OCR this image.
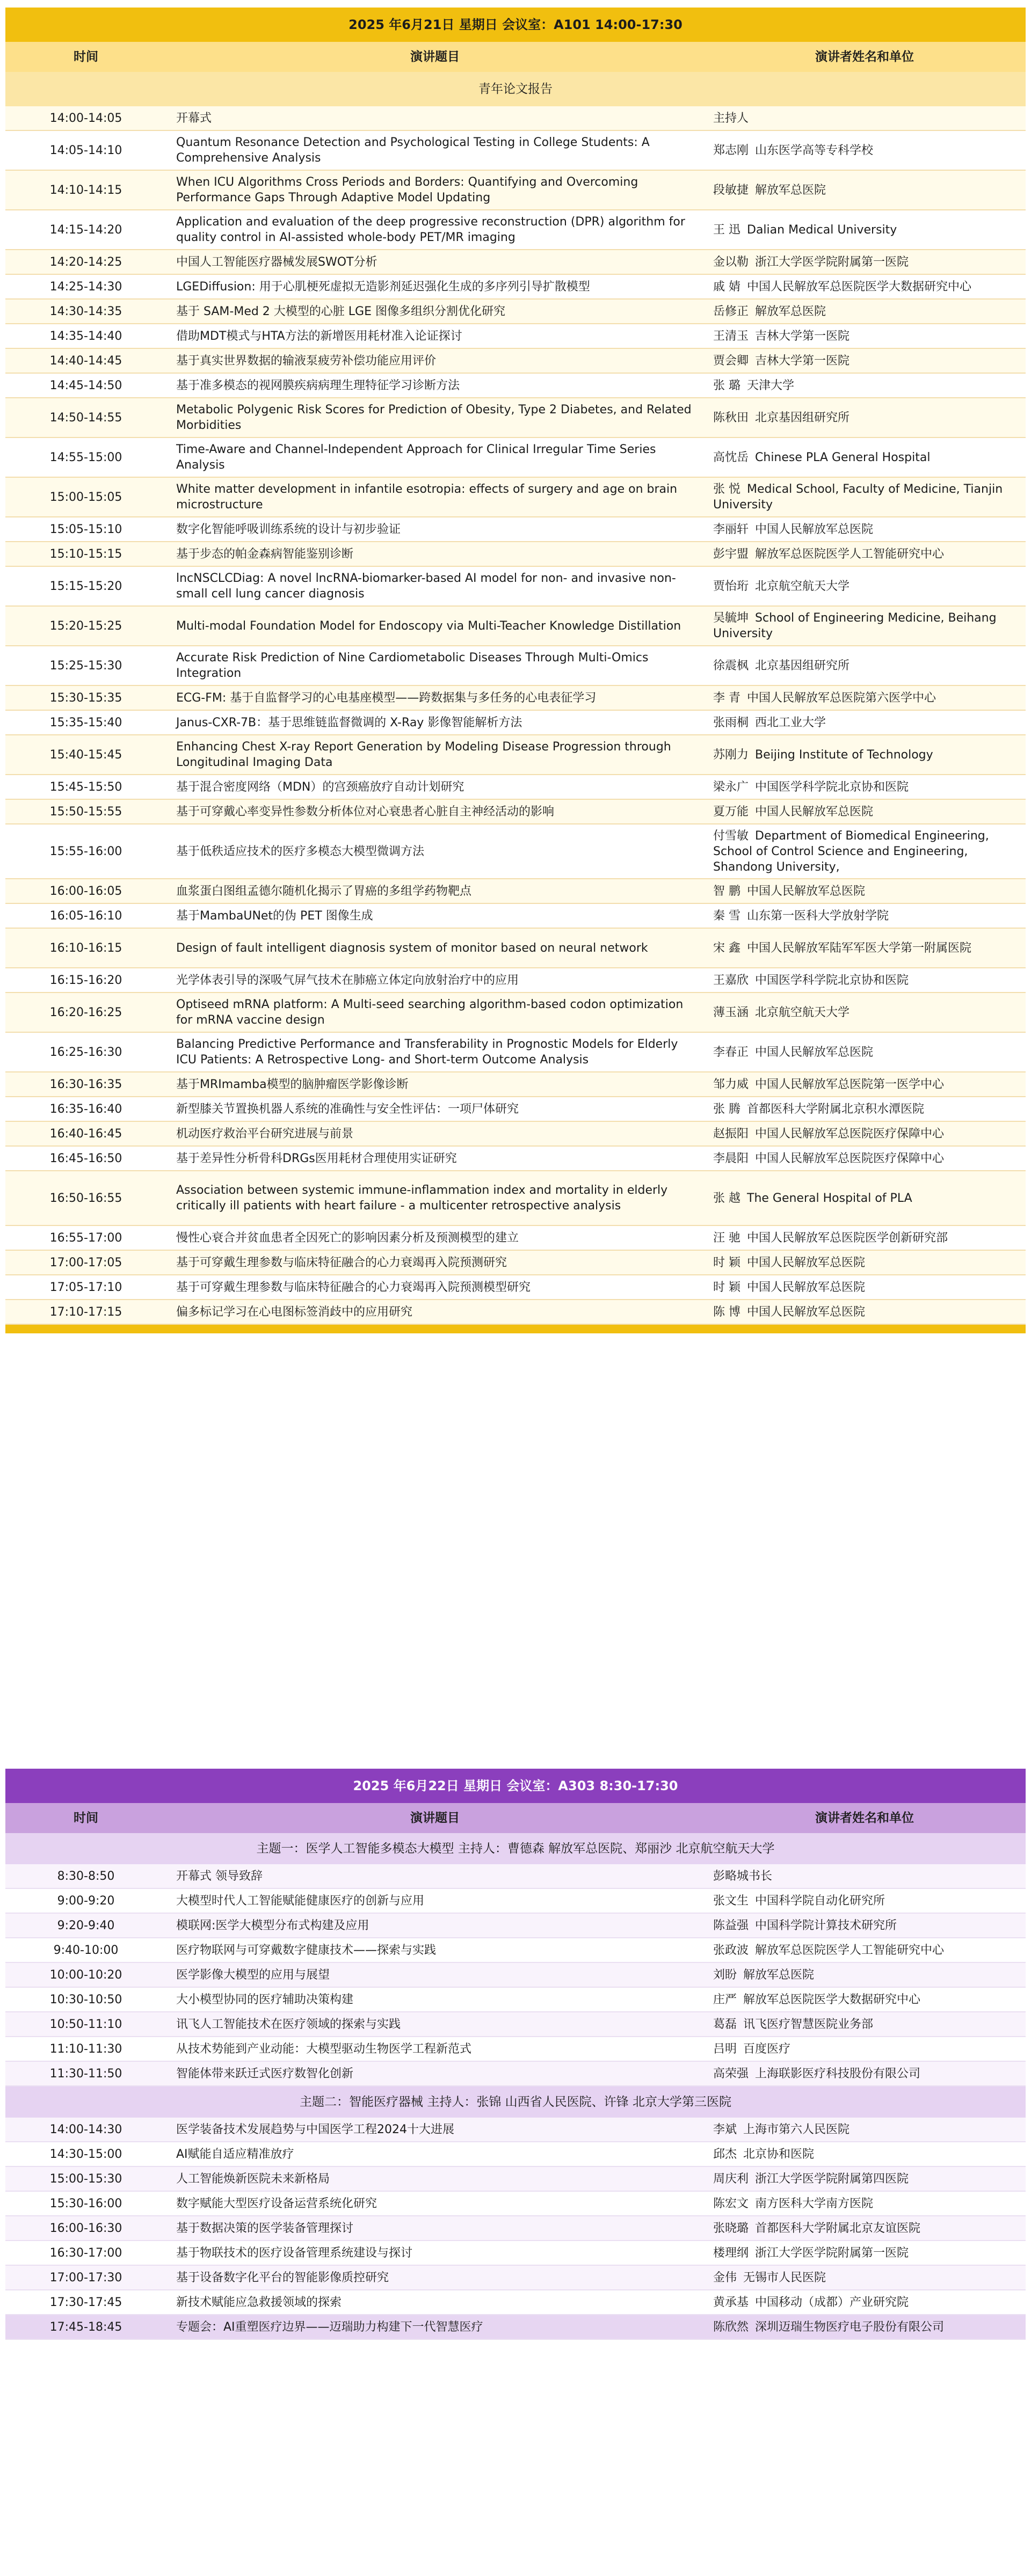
2025 年6月21日 星期日 会议室：A101 14:00-17:30		
时间	演讲题目	演讲者姓名和单位
青年论文报告		
14:00-14:05	开幕式	主持人
14:05-14:10	Quantum Resonance Detection and Psychological Testing in College Students: A Comprehensive Analysis	郑志刚 山东医学高等专科学校
14:10-14:15	When ICU Algorithms Cross Periods and Borders: Quantifying and Overcoming Performance Gaps Through Adaptive Model Updating	段敏捷 解放军总医院
14:15-14:20	Application and evaluation of the deep progressive reconstruction (DPR) algorithm for quality control in AI-assisted whole-body PET/MR imaging	王 迅 Dalian Medical University
14:20-14:25	中国人工智能医疗器械发展SWOT分析	金以勒 浙江大学医学院附属第一医院
14:25-14:30	LGEDiffusion: 用于心肌梗死虚拟无造影剂延迟强化生成的多序列引导扩散模型	戚 婧 中国人民解放军总医院医学大数据研究中心
14:30-14:35	基于 SAM-Med 2 大模型的心脏 LGE 图像多组织分割优化研究	岳修正 解放军总医院
14:35-14:40	借助MDT模式与HTA方法的新增医用耗材准入论证探讨	王清玉 吉林大学第一医院
14:40-14:45	基于真实世界数据的输液泵疲劳补偿功能应用评价	贾会卿 吉林大学第一医院
14:45-14:50	基于准多模态的视网膜疾病病理生理特征学习诊断方法	张 璐 天津大学
14:50-14:55	Metabolic Polygenic Risk Scores for Prediction of Obesity, Type 2 Diabetes, and Related Morbidities	陈秋田 北京基因组研究所
14:55-15:00	Time-Aware and Channel-Independent Approach for Clinical Irregular Time Series Analysis	高忱岳 Chinese PLA General Hospital
15:00-15:05	White matter development in infantile esotropia: effects of surgery and age on brain microstructure	张 悦 Medical School, Faculty of Medicine, Tianjin University
15:05-15:10	数字化智能呼吸训练系统的设计与初步验证	李丽轩 中国人民解放军总医院
15:10-15:15	基于步态的帕金森病智能鉴别诊断	彭宇盟 解放军总医院医学人工智能研究中心
15:15-15:20	lncNSCLCDiag: A novel lncRNA-biomarker-based AI model for non- and invasive non-small cell lung cancer diagnosis	贾怡珩 北京航空航天大学
15:20-15:25	Multi-modal Foundation Model for Endoscopy via Multi-Teacher Knowledge Distillation	吴毓坤 School of Engineering Medicine, Beihang University
15:25-15:30	Accurate Risk Prediction of Nine Cardiometabolic Diseases Through Multi-Omics Integration	徐震枫 北京基因组研究所
15:30-15:35	ECG-FM: 基于自监督学习的心电基座模型——跨数据集与多任务的心电表征学习	李 青 中国人民解放军总医院第六医学中心
15:35-15:40	Janus-CXR-7B：基于思维链监督微调的 X-Ray 影像智能解析方法	张雨桐 西北工业大学
15:40-15:45	Enhancing Chest X-ray Report Generation by Modeling Disease Progression through Longitudinal Imaging Data	苏刚力 Beijing Institute of Technology
15:45-15:50	基于混合密度网络（MDN）的宫颈癌放疗自动计划研究	梁永广 中国医学科学院北京协和医院
15:50-15:55	基于可穿戴心率变异性参数分析体位对心衰患者心脏自主神经活动的影响	夏万能 中国人民解放军总医院
15:55-16:00	基于低秩适应技术的医疗多模态大模型微调方法	付雪敏 Department of Biomedical Engineering, School of Control Science and Engineering, Shandong University,
16:00-16:05	血浆蛋白图组孟德尔随机化揭示了胃癌的多组学药物靶点	智 鹏 中国人民解放军总医院
16:05-16:10	基于MambaUNet的伪 PET 图像生成	秦 雪 山东第一医科大学放射学院
16:10-16:15	Design of fault intelligent diagnosis system of monitor based on neural network	宋 鑫 中国人民解放军陆军军医大学第一附属医院
16:15-16:20	光学体表引导的深吸气屏气技术在肺癌立体定向放射治疗中的应用	王嘉欣 中国医学科学院北京协和医院
16:20-16:25	Optiseed mRNA platform: A Multi-seed searching algorithm-based codon optimization for mRNA vaccine design	薄玉涵 北京航空航天大学
16:25-16:30	Balancing Predictive Performance and Transferability in Prognostic Models for Elderly ICU Patients: A Retrospective Long- and Short-term Outcome Analysis	李春正 中国人民解放军总医院
16:30-16:35	基于MRImamba模型的脑肿瘤医学影像诊断	邹力威 中国人民解放军总医院第一医学中心
16:35-16:40	新型膝关节置换机器人系统的准确性与安全性评估：一项尸体研究	张 腾 首都医科大学附属北京积水潭医院
16:40-16:45	机动医疗救治平台研究进展与前景	赵振阳 中国人民解放军总医院医疗保障中心
16:45-16:50	基于差异性分析骨科DRGs医用耗材合理使用实证研究	李晨阳 中国人民解放军总医院医疗保障中心
16:50-16:55	Association between systemic immune-inflammation index and mortality in elderly critically ill patients with heart failure - a multicenter retrospective analysis	张 越 The General Hospital of PLA
16:55-17:00	慢性心衰合并贫血患者全因死亡的影响因素分析及预测模型的建立	汪 驰 中国人民解放军总医院医学创新研究部
17:00-17:05	基于可穿戴生理参数与临床特征融合的心力衰竭再入院预测研究	时 颖 中国人民解放军总医院
17:05-17:10	基于可穿戴生理参数与临床特征融合的心力衰竭再入院预测模型研究	时 颖 中国人民解放军总医院
17:10-17:15	偏多标记学习在心电图标签消歧中的应用研究	陈 博 中国人民解放军总医院
2025 年6月22日 星期日 会议室：A303 8:30-17:30		
时间	演讲题目	演讲者姓名和单位
主题一：医学人工智能多模态大模型 主持人：曹德森 解放军总医院、郑丽沙 北京航空航天大学		
8:30-8:50	开幕式 领导致辞	彭略城书长
9:00-9:20	大模型时代人工智能赋能健康医疗的创新与应用	张文生 中国科学院自动化研究所
9:20-9:40	模联网:医学大模型分布式构建及应用	陈益强 中国科学院计算技术研究所
9:40-10:00	医疗物联网与可穿戴数字健康技术——探索与实践	张政波 解放军总医院医学人工智能研究中心
10:00-10:20	医学影像大模型的应用与展望	刘盼 解放军总医院
10:30-10:50	大小模型协同的医疗辅助决策构建	庄严 解放军总医院医学大数据研究中心
10:50-11:10	讯飞人工智能技术在医疗领域的探索与实践	葛磊 讯飞医疗智慧医院业务部
11:10-11:30	从技术势能到产业动能：大模型驱动生物医学工程新范式	吕明 百度医疗
11:30-11:50	智能体带来跃迁式医疗数智化创新	高荣强 上海联影医疗科技股份有限公司
主题二：智能医疗器械 主持人：张锦 山西省人民医院、许锋 北京大学第三医院		
14:00-14:30	医学装备技术发展趋势与中国医学工程2024十大进展	李斌 上海市第六人民医院
14:30-15:00	AI赋能自适应精准放疗	邱杰 北京协和医院
15:00-15:30	人工智能焕新医院未来新格局	周庆利 浙江大学医学院附属第四医院
15:30-16:00	数字赋能大型医疗设备运营系统化研究	陈宏文 南方医科大学南方医院
16:00-16:30	基于数据决策的医学装备管理探讨	张晓璐 首都医科大学附属北京友谊医院
16:30-17:00	基于物联技术的医疗设备管理系统建设与探讨	楼理纲 浙江大学医学院附属第一医院
17:00-17:30	基于设备数字化平台的智能影像质控研究	金伟 无锡市人民医院
17:30-17:45	新技术赋能应急救援领域的探索	黄承基 中国移动（成都）产业研究院
17:45-18:45	专题会：AI重塑医疗边界——迈瑞助力构建下一代智慧医疗	陈欣然 深圳迈瑞生物医疗电子股份有限公司
